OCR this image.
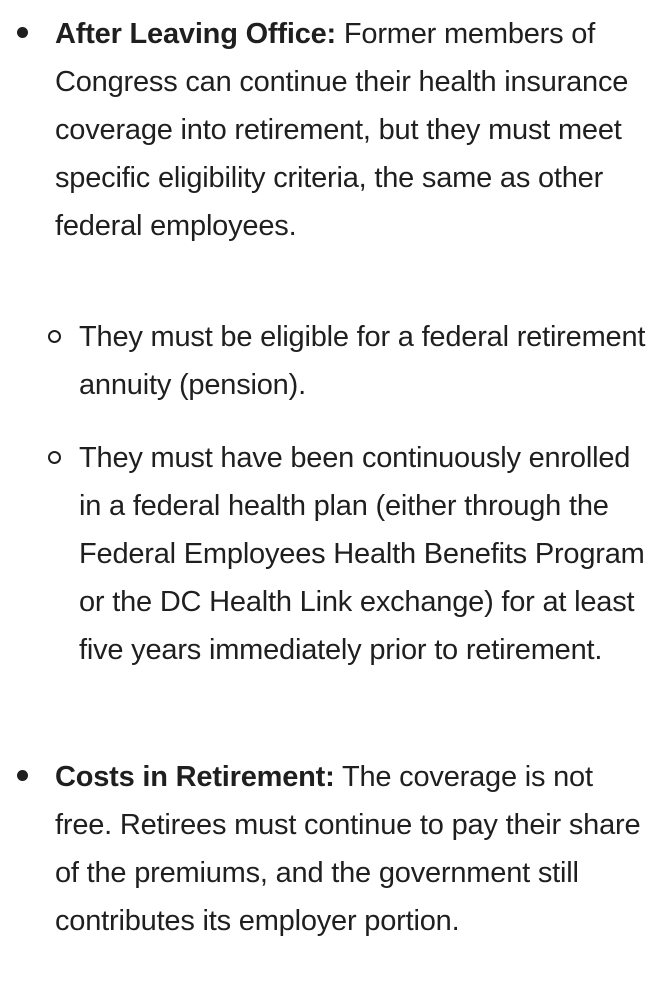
After Leaving Office: Former members of Congress can continue their health insurance coverage into retirement, but they must meet specific eligibility criteria, the same as other federal employees.

They must be eligible for a federal retirement annuity (pension).

They must have been continuously enrolled in a federal health plan (either through the Federal Employees Health Benefits Program or the DC Health Link exchange) for at least five years immediately prior to retirement.

Costs in Retirement: The coverage is not free. Retirees must continue to pay their share of the premiums, and the government still contributes its employer portion.
